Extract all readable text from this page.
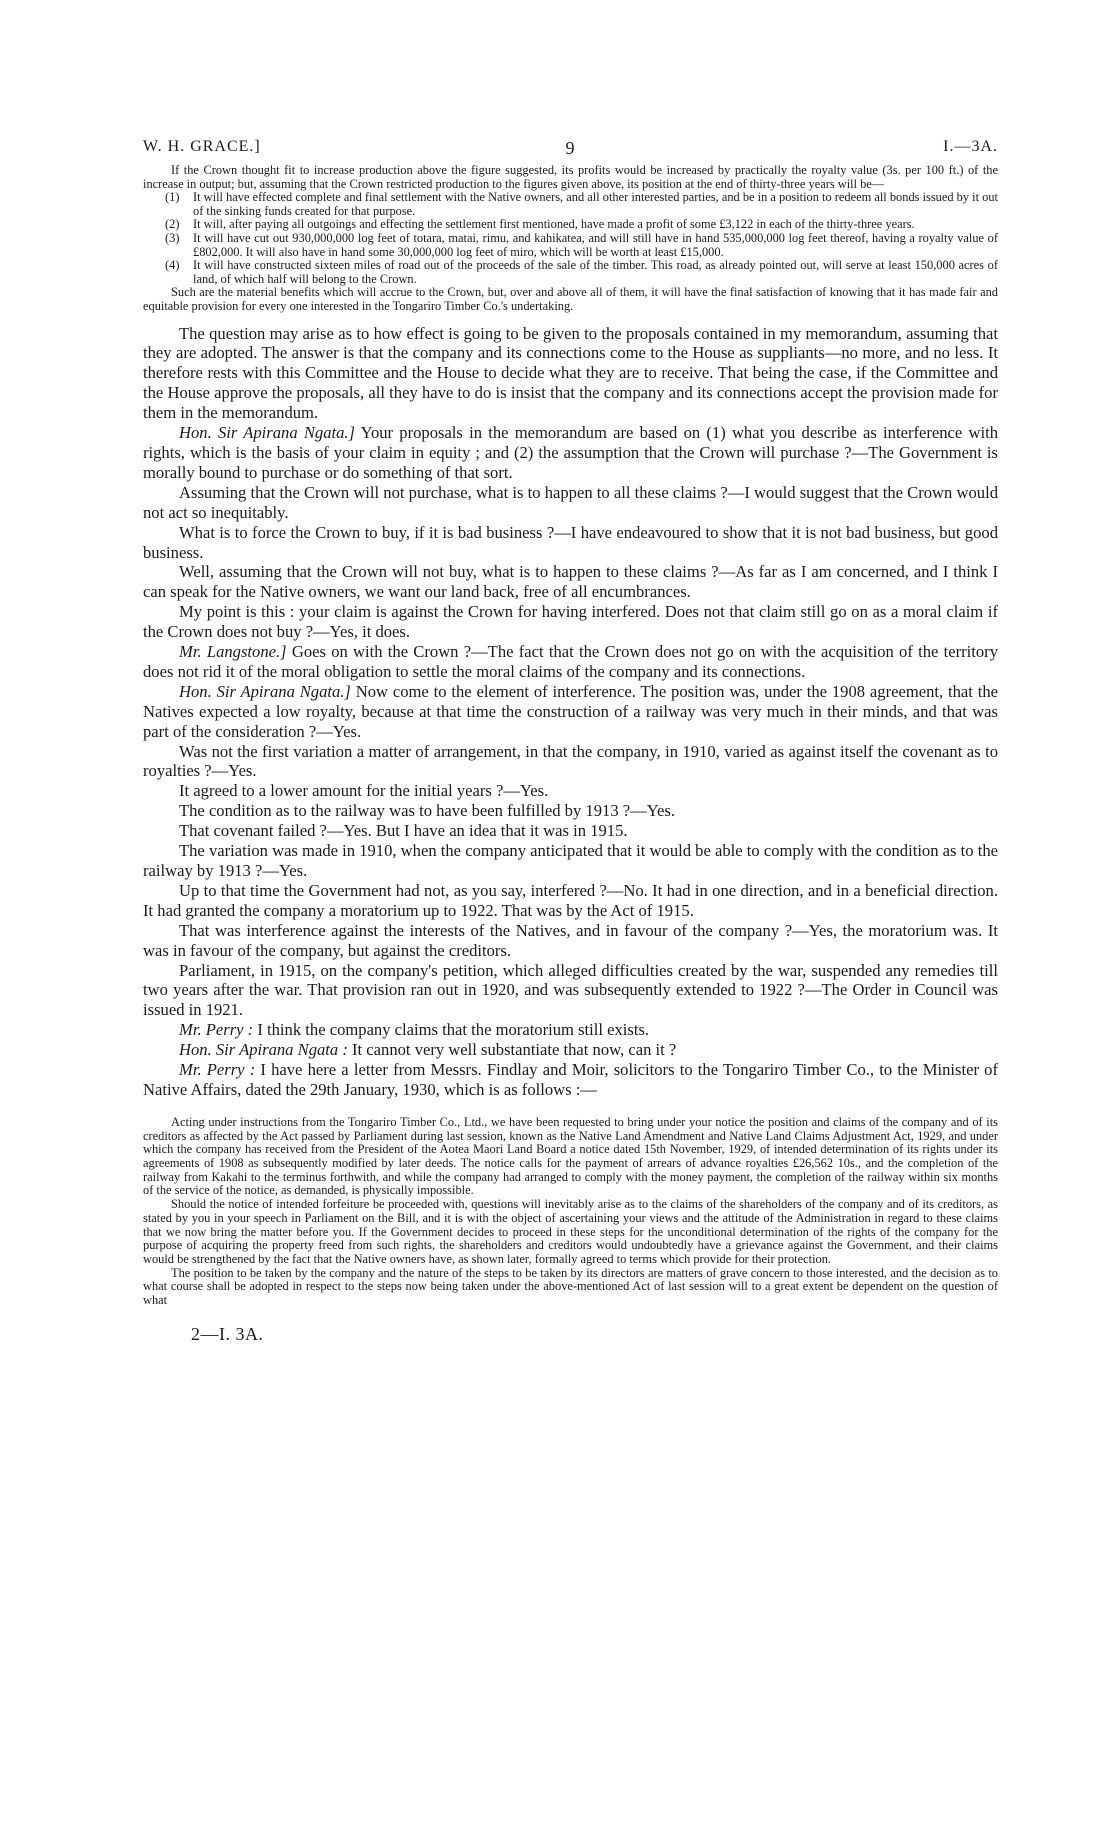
W. H. GRACE.]	9	I.—3A.

If the Crown thought fit to increase production above the figure suggested, its profits would be increased by practically the royalty value (3s. per 100 ft.) of the increase in output; but, assuming that the Crown restricted production to the figures given above, its position at the end of thirty-three years will be—

(1) It will have effected complete and final settlement with the Native owners, and all other interested parties, and be in a position to redeem all bonds issued by it out of the sinking funds created for that purpose.
(2) It will, after paying all outgoings and effecting the settlement first mentioned, have made a profit of some £3,122 in each of the thirty-three years.
(3) It will have cut out 930,000,000 log feet of totara, matai, rimu, and kahikatea, and will still have in hand 535,000,000 log feet thereof, having a royalty value of £802,000. It will also have in hand some 30,000,000 log feet of miro, which will be worth at least £15,000.
(4) It will have constructed sixteen miles of road out of the proceeds of the sale of the timber. This road, as already pointed out, will serve at least 150,000 acres of land, of which half will belong to the Crown.

Such are the material benefits which will accrue to the Crown, but, over and above all of them, it will have the final satisfaction of knowing that it has made fair and equitable provision for every one interested in the Tongariro Timber Co.'s undertaking.

The question may arise as to how effect is going to be given to the proposals contained in my memorandum, assuming that they are adopted. The answer is that the company and its connections come to the House as suppliants—no more, and no less. It therefore rests with this Committee and the House to decide what they are to receive. That being the case, if the Committee and the House approve the proposals, all they have to do is insist that the company and its connections accept the provision made for them in the memorandum.

Hon. Sir Apirana Ngata.] Your proposals in the memorandum are based on (1) what you describe as interference with rights, which is the basis of your claim in equity ; and (2) the assumption that the Crown will purchase ?—The Government is morally bound to purchase or do something of that sort.

Assuming that the Crown will not purchase, what is to happen to all these claims ?—I would suggest that the Crown would not act so inequitably.

What is to force the Crown to buy, if it is bad business ?—I have endeavoured to show that it is not bad business, but good business.

Well, assuming that the Crown will not buy, what is to happen to these claims ?—As far as I am concerned, and I think I can speak for the Native owners, we want our land back, free of all encumbrances.

My point is this : your claim is against the Crown for having interfered. Does not that claim still go on as a moral claim if the Crown does not buy ?—Yes, it does.

Mr. Langstone.] Goes on with the Crown ?—The fact that the Crown does not go on with the acquisition of the territory does not rid it of the moral obligation to settle the moral claims of the company and its connections.

Hon. Sir Apirana Ngata.] Now come to the element of interference. The position was, under the 1908 agreement, that the Natives expected a low royalty, because at that time the construction of a railway was very much in their minds, and that was part of the consideration ?—Yes.

Was not the first variation a matter of arrangement, in that the company, in 1910, varied as against itself the covenant as to royalties ?—Yes.

It agreed to a lower amount for the initial years ?—Yes.

The condition as to the railway was to have been fulfilled by 1913 ?—Yes.

That covenant failed ?—Yes. But I have an idea that it was in 1915.

The variation was made in 1910, when the company anticipated that it would be able to comply with the condition as to the railway by 1913 ?—Yes.

Up to that time the Government had not, as you say, interfered ?—No. It had in one direction, and in a beneficial direction. It had granted the company a moratorium up to 1922. That was by the Act of 1915.

That was interference against the interests of the Natives, and in favour of the company ?—Yes, the moratorium was. It was in favour of the company, but against the creditors.

Parliament, in 1915, on the company's petition, which alleged difficulties created by the war, suspended any remedies till two years after the war. That provision ran out in 1920, and was subsequently extended to 1922 ?—The Order in Council was issued in 1921.

Mr. Perry : I think the company claims that the moratorium still exists.

Hon. Sir Apirana Ngata : It cannot very well substantiate that now, can it ?

Mr. Perry : I have here a letter from Messrs. Findlay and Moir, solicitors to the Tongariro Timber Co., to the Minister of Native Affairs, dated the 29th January, 1930, which is as follows :—

Acting under instructions from the Tongariro Timber Co., Ltd., we have been requested to bring under your notice the position and claims of the company and of its creditors as affected by the Act passed by Parliament during last session, known as the Native Land Amendment and Native Land Claims Adjustment Act, 1929, and under which the company has received from the President of the Aotea Maori Land Board a notice dated 15th November, 1929, of intended determination of its rights under its agreements of 1908 as subsequently modified by later deeds. The notice calls for the payment of arrears of advance royalties £26,562 10s., and the completion of the railway from Kakahi to the terminus forthwith, and while the company had arranged to comply with the money payment, the completion of the railway within six months of the service of the notice, as demanded, is physically impossible.

Should the notice of intended forfeiture be proceeded with, questions will inevitably arise as to the claims of the shareholders of the company and of its creditors, as stated by you in your speech in Parliament on the Bill, and it is with the object of ascertaining your views and the attitude of the Administration in regard to these claims that we now bring the matter before you. If the Government decides to proceed in these steps for the unconditional determination of the rights of the company for the purpose of acquiring the property freed from such rights, the shareholders and creditors would undoubtedly have a grievance against the Government, and their claims would be strengthened by the fact that the Native owners have, as shown later, formally agreed to terms which provide for their protection.

The position to be taken by the company and the nature of the steps to be taken by its directors are matters of grave concern to those interested, and the decision as to what course shall be adopted in respect to the steps now being taken under the above-mentioned Act of last session will to a great extent be dependent on the question of what

2—I. 3A.
